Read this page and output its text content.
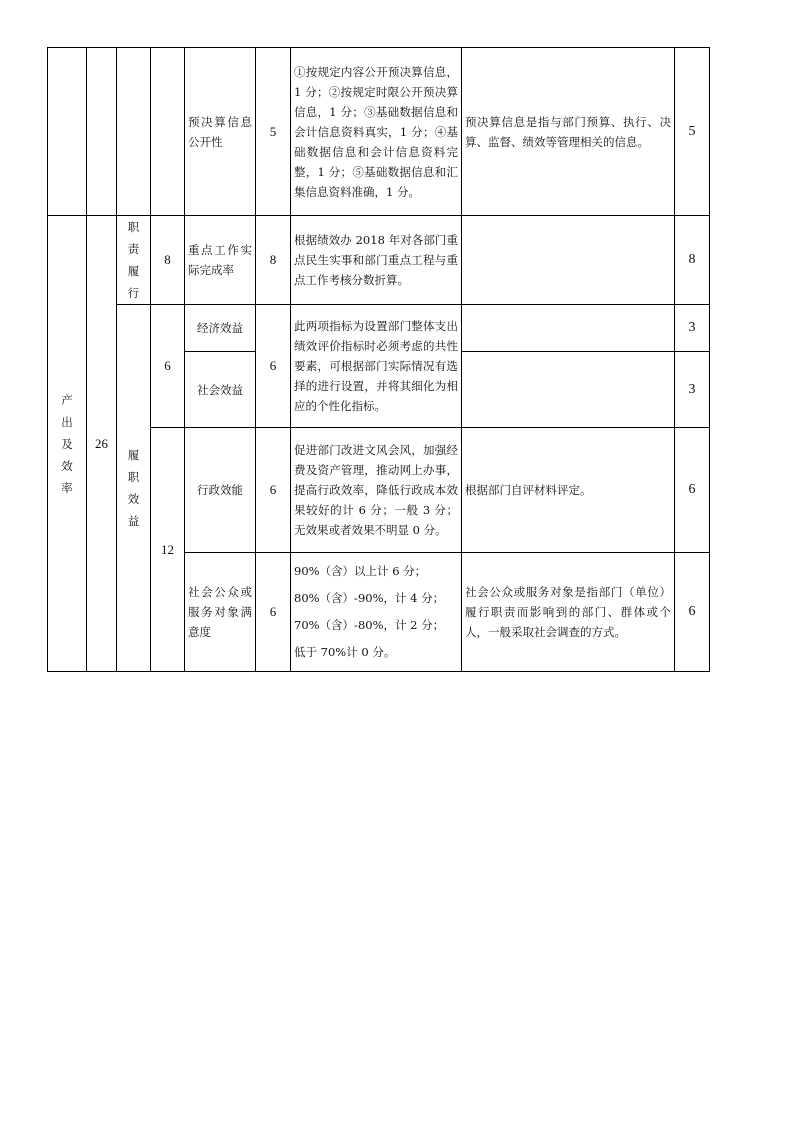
				预决算信息公开性	5	①按规定内容公开预决算信息，1 分；②按规定时限公开预决算信息，1 分；③基础数据信息和会计信息资料真实，1 分；④基础数据信息和会计信息资料完整，1 分；⑤基础数据信息和汇集信息资料准确，1 分。	预决算信息是指与部门预算、执行、决算、监督、绩效等管理相关的信息。	5
产出及效率	26	职责履行	8	重点工作实际完成率	8	根据绩效办 2018 年对各部门重点民生实事和部门重点工程与重点工作考核分数折算。		8
		履职效益	6	经济效益	6	此两项指标为设置部门整体支出绩效评价指标时必须考虑的共性要素，可根据部门实际情况有选择的进行设置，并将其细化为相应的个性化指标。		3
				社会效益				3
			12	行政效能	6	促进部门改进文风会风，加强经费及资产管理，推动网上办事，提高行政效率，降低行政成本效果较好的计 6 分；一般 3 分；无效果或者效果不明显 0 分。	根据部门自评材料评定。	6
				社会公众或服务对象满意度	6	90%（含）以上计 6 分；
80%（含）-90%，计 4 分；
70%（含）-80%，计 2 分；
低于 70%计 0 分。	社会公众或服务对象是指部门（单位）履行职责而影响到的部门、群体或个人，一般采取社会调查的方式。	6
